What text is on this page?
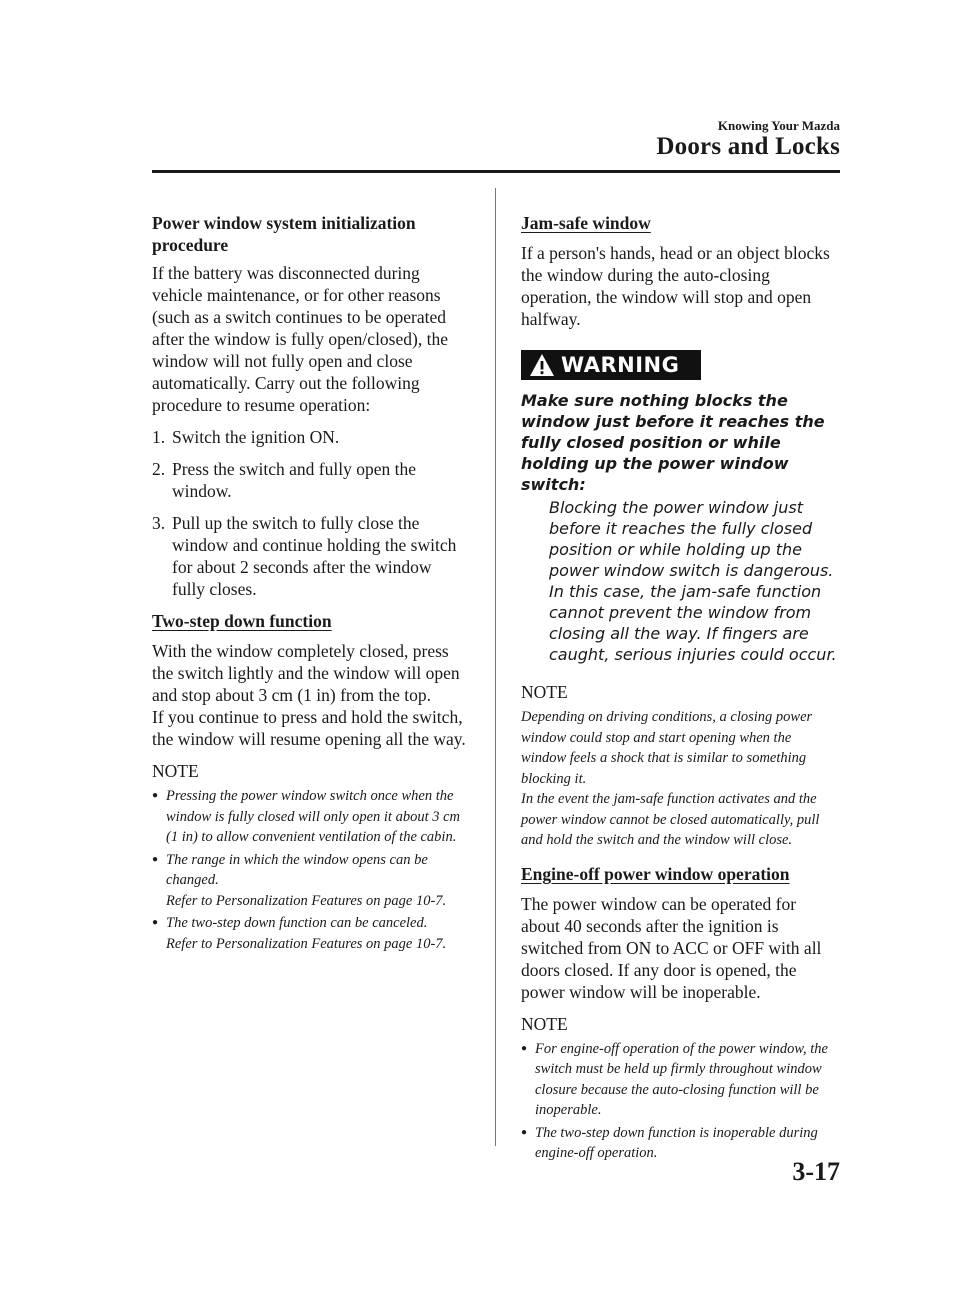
Knowing Your Mazda
Doors and Locks
Power window system initialization procedure

If the battery was disconnected during vehicle maintenance, or for other reasons (such as a switch continues to be operated after the window is fully open/closed), the window will not fully open and close automatically. Carry out the following procedure to resume operation:

1. Switch the ignition ON.
2. Press the switch and fully open the window.
3. Pull up the switch to fully close the window and continue holding the switch for about 2 seconds after the window fully closes.
Two-step down function

With the window completely closed, press the switch lightly and the window will open and stop about 3 cm (1 in) from the top.

If you continue to press and hold the switch, the window will resume opening all the way.

NOTE
● Pressing the power window switch once when the window is fully closed will only open it about 3 cm (1 in) to allow convenient ventilation of the cabin.
● The range in which the window opens can be changed.
Refer to Personalization Features on page 10-7.
● The two-step down function can be canceled.
Refer to Personalization Features on page 10-7.
Jam-safe window

If a person's hands, head or an object blocks the window during the auto-closing operation, the window will stop and open halfway.

WARNING
Make sure nothing blocks the window just before it reaches the fully closed position or while holding up the power window switch:
Blocking the power window just before it reaches the fully closed position or while holding up the power window switch is dangerous. In this case, the jam-safe function cannot prevent the window from closing all the way. If fingers are caught, serious injuries could occur.
NOTE
Depending on driving conditions, a closing power window could stop and start opening when the window feels a shock that is similar to something blocking it.
In the event the jam-safe function activates and the power window cannot be closed automatically, pull and hold the switch and the window will close.
Engine-off power window operation

The power window can be operated for about 40 seconds after the ignition is switched from ON to ACC or OFF with all doors closed. If any door is opened, the power window will be inoperable.

NOTE
● For engine-off operation of the power window, the switch must be held up firmly throughout window closure because the auto-closing function will be inoperable.
● The two-step down function is inoperable during engine-off operation.
3-17
